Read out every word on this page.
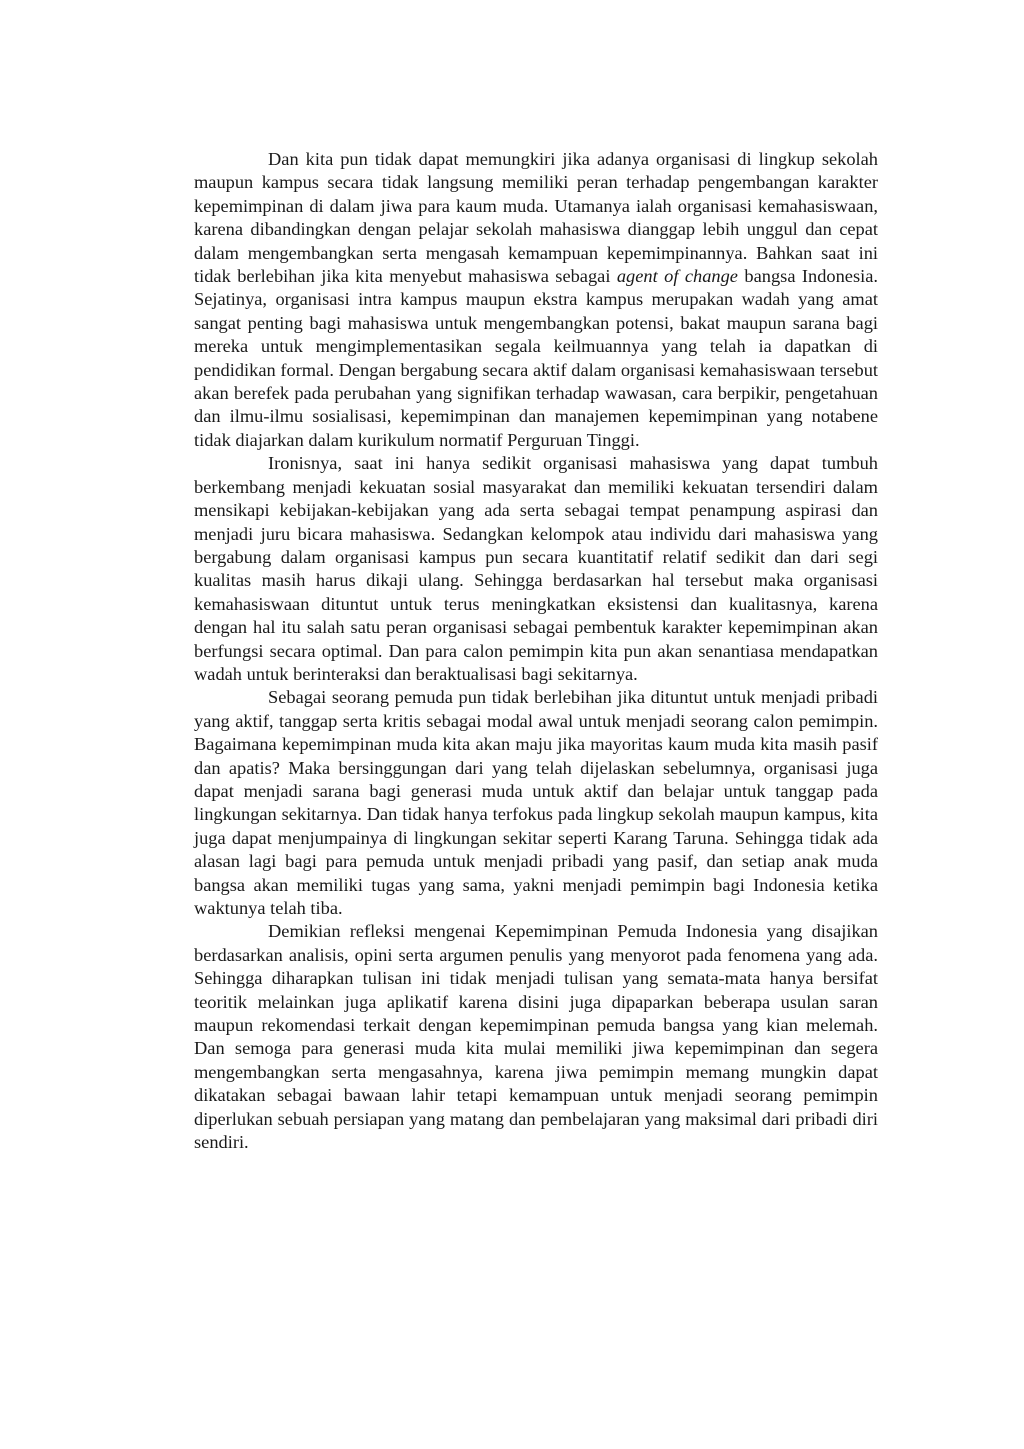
Dan kita pun tidak dapat memungkiri jika adanya organisasi di lingkup sekolah maupun kampus secara tidak langsung memiliki peran terhadap pengembangan karakter kepemimpinan di dalam jiwa para kaum muda. Utamanya ialah organisasi kemahasiswaan, karena dibandingkan dengan pelajar sekolah mahasiswa dianggap lebih unggul dan cepat dalam mengembangkan serta mengasah kemampuan kepemimpinannya. Bahkan saat ini tidak berlebihan jika kita menyebut mahasiswa sebagai agent of change bangsa Indonesia. Sejatinya, organisasi intra kampus maupun ekstra kampus merupakan wadah yang amat sangat penting bagi mahasiswa untuk mengembangkan potensi, bakat maupun sarana bagi mereka untuk mengimplementasikan segala keilmuannya yang telah ia dapatkan di pendidikan formal. Dengan bergabung secara aktif dalam organisasi kemahasiswaan tersebut akan berefek pada perubahan yang signifikan terhadap wawasan, cara berpikir, pengetahuan dan ilmu-ilmu sosialisasi, kepemimpinan dan manajemen kepemimpinan yang notabene tidak diajarkan dalam kurikulum normatif Perguruan Tinggi.

Ironisnya, saat ini hanya sedikit organisasi mahasiswa yang dapat tumbuh berkembang menjadi kekuatan sosial masyarakat dan memiliki kekuatan tersendiri dalam mensikapi kebijakan-kebijakan yang ada serta sebagai tempat penampung aspirasi dan menjadi juru bicara mahasiswa. Sedangkan kelompok atau individu dari mahasiswa yang bergabung dalam organisasi kampus pun secara kuantitatif relatif sedikit dan dari segi kualitas masih harus dikaji ulang. Sehingga berdasarkan hal tersebut maka organisasi kemahasiswaan dituntut untuk terus meningkatkan eksistensi dan kualitasnya, karena dengan hal itu salah satu peran organisasi sebagai pembentuk karakter kepemimpinan akan berfungsi secara optimal. Dan para calon pemimpin kita pun akan senantiasa mendapatkan wadah untuk berinteraksi dan beraktualisasi bagi sekitarnya.

Sebagai seorang pemuda pun tidak berlebihan jika dituntut untuk menjadi pribadi yang aktif, tanggap serta kritis sebagai modal awal untuk menjadi seorang calon pemimpin. Bagaimana kepemimpinan muda kita akan maju jika mayoritas kaum muda kita masih pasif dan apatis? Maka bersinggungan dari yang telah dijelaskan sebelumnya, organisasi juga dapat menjadi sarana bagi generasi muda untuk aktif dan belajar untuk tanggap pada lingkungan sekitarnya. Dan tidak hanya terfokus pada lingkup sekolah maupun kampus, kita juga dapat menjumpainya di lingkungan sekitar seperti Karang Taruna. Sehingga tidak ada alasan lagi bagi para pemuda untuk menjadi pribadi yang pasif, dan setiap anak muda bangsa akan memiliki tugas yang sama, yakni menjadi pemimpin bagi Indonesia ketika waktunya telah tiba.

Demikian refleksi mengenai Kepemimpinan Pemuda Indonesia yang disajikan berdasarkan analisis, opini serta argumen penulis yang menyorot pada fenomena yang ada. Sehingga diharapkan tulisan ini tidak menjadi tulisan yang semata-mata hanya bersifat teoritik melainkan juga aplikatif karena disini juga dipaparkan beberapa usulan saran maupun rekomendasi terkait dengan kepemimpinan pemuda bangsa yang kian melemah. Dan semoga para generasi muda kita mulai memiliki jiwa kepemimpinan dan segera mengembangkan serta mengasahnya, karena jiwa pemimpin memang mungkin dapat dikatakan sebagai bawaan lahir tetapi kemampuan untuk menjadi seorang pemimpin diperlukan sebuah persiapan yang matang dan pembelajaran yang maksimal dari pribadi diri sendiri.
